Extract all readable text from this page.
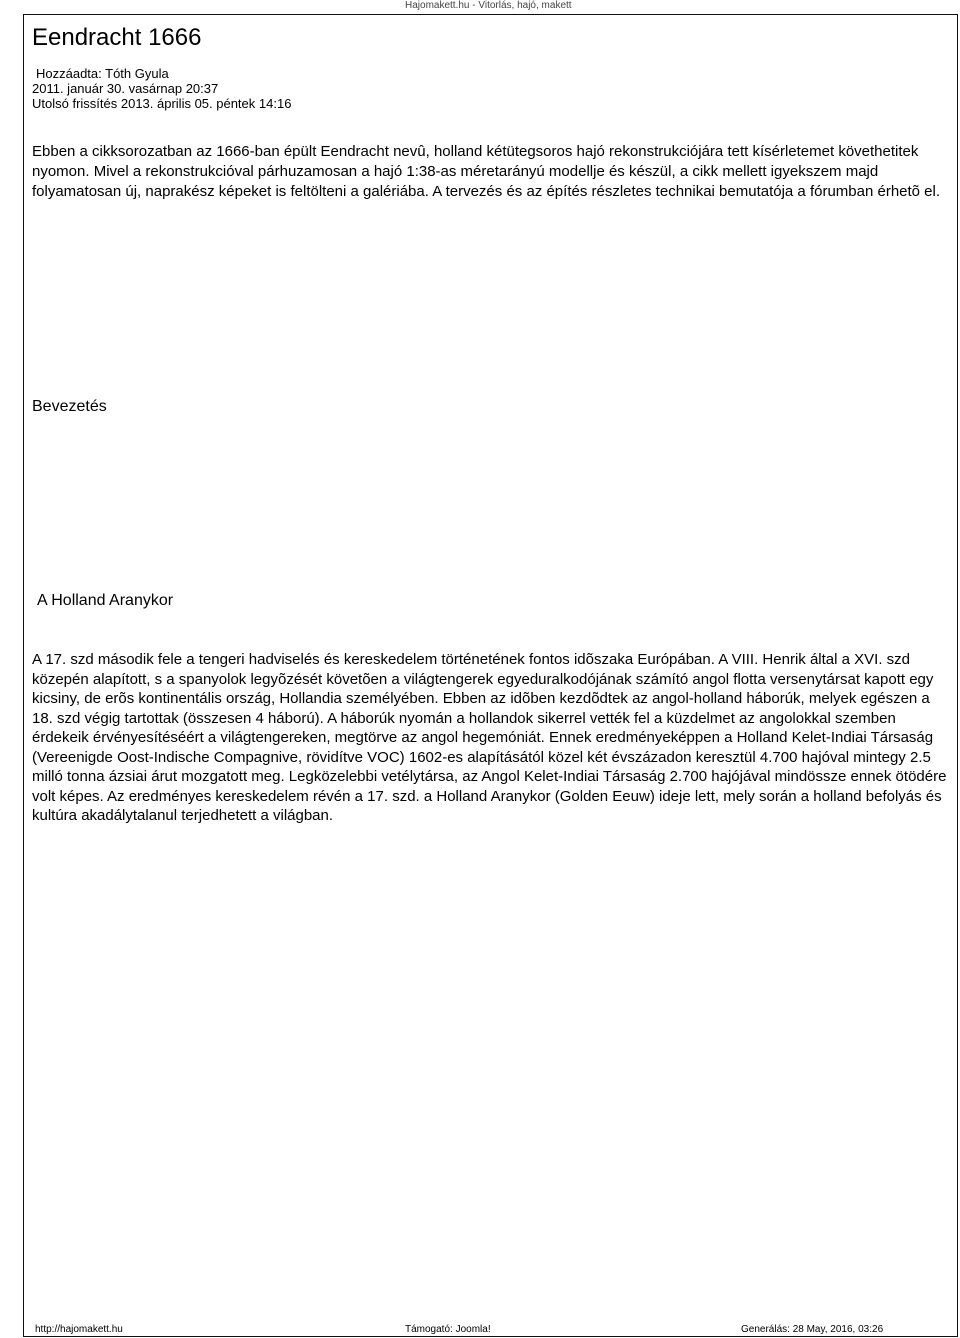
Hajomakett.hu - Vitorlás, hajó, makett
Eendracht 1666
Hozzáadta: Tóth Gyula
2011. január 30. vasárnap 20:37
Utolsó frissítés 2013. április 05. péntek 14:16

Ebben a cikksorozatban az 1666-ban épült Eendracht nevû, holland kétütegsoros hajó rekonstrukciójára tett kísérletemet követhetitek nyomon. Mivel a rekonstrukcióval párhuzamosan a hajó 1:38-as méretarányú modellje és készül, a cikk mellett igyekszem majd folyamatosan új, naprakész képeket is feltölteni a galériába. A tervezés és az építés részletes technikai bemutatója a fórumban érhetõ el.

Bevezetés
A Holland Aranykor

A 17. szd második fele a tengeri hadviselés és kereskedelem történetének fontos idõszaka Európában. A VIII. Henrik által a XVI. szd közepén alapított, s a spanyolok legyõzését követõen a világtengerek egyeduralkodójának számító angol flotta versenytársat kapott egy kicsiny, de erõs kontinentális ország, Hollandia személyében. Ebben az idõben kezdõdtek az angol-holland háborúk, melyek egészen a 18. szd végig tartottak (összesen 4 háború). A háborúk nyomán a hollandok sikerrel vették fel a küzdelmet az angolokkal szemben érdekeik érvényesítéséért a világtengereken, megtörve az angol hegemóniát. Ennek eredményeképpen a Holland Kelet-Indiai Társaság (Vereenigde Oost-Indische Compagnive, rövidítve VOC) 1602-es alapításától közel két évszázadon keresztül 4.700 hajóval mintegy 2.5 milló tonna ázsiai árut mozgatott meg. Legközelebbi vetélytársa, az Angol Kelet-Indiai Társaság 2.700 hajójával mindössze ennek ötödére volt képes. Az eredményes kereskedelem révén a 17. szd. a Holland Aranykor (Golden Eeuw) ideje lett, mely során a holland befolyás és kultúra akadálytalanul terjedhetett a világban.

http://hajomakett.hu	Támogató: Joomla!	Generálás: 28 May, 2016, 03:26
